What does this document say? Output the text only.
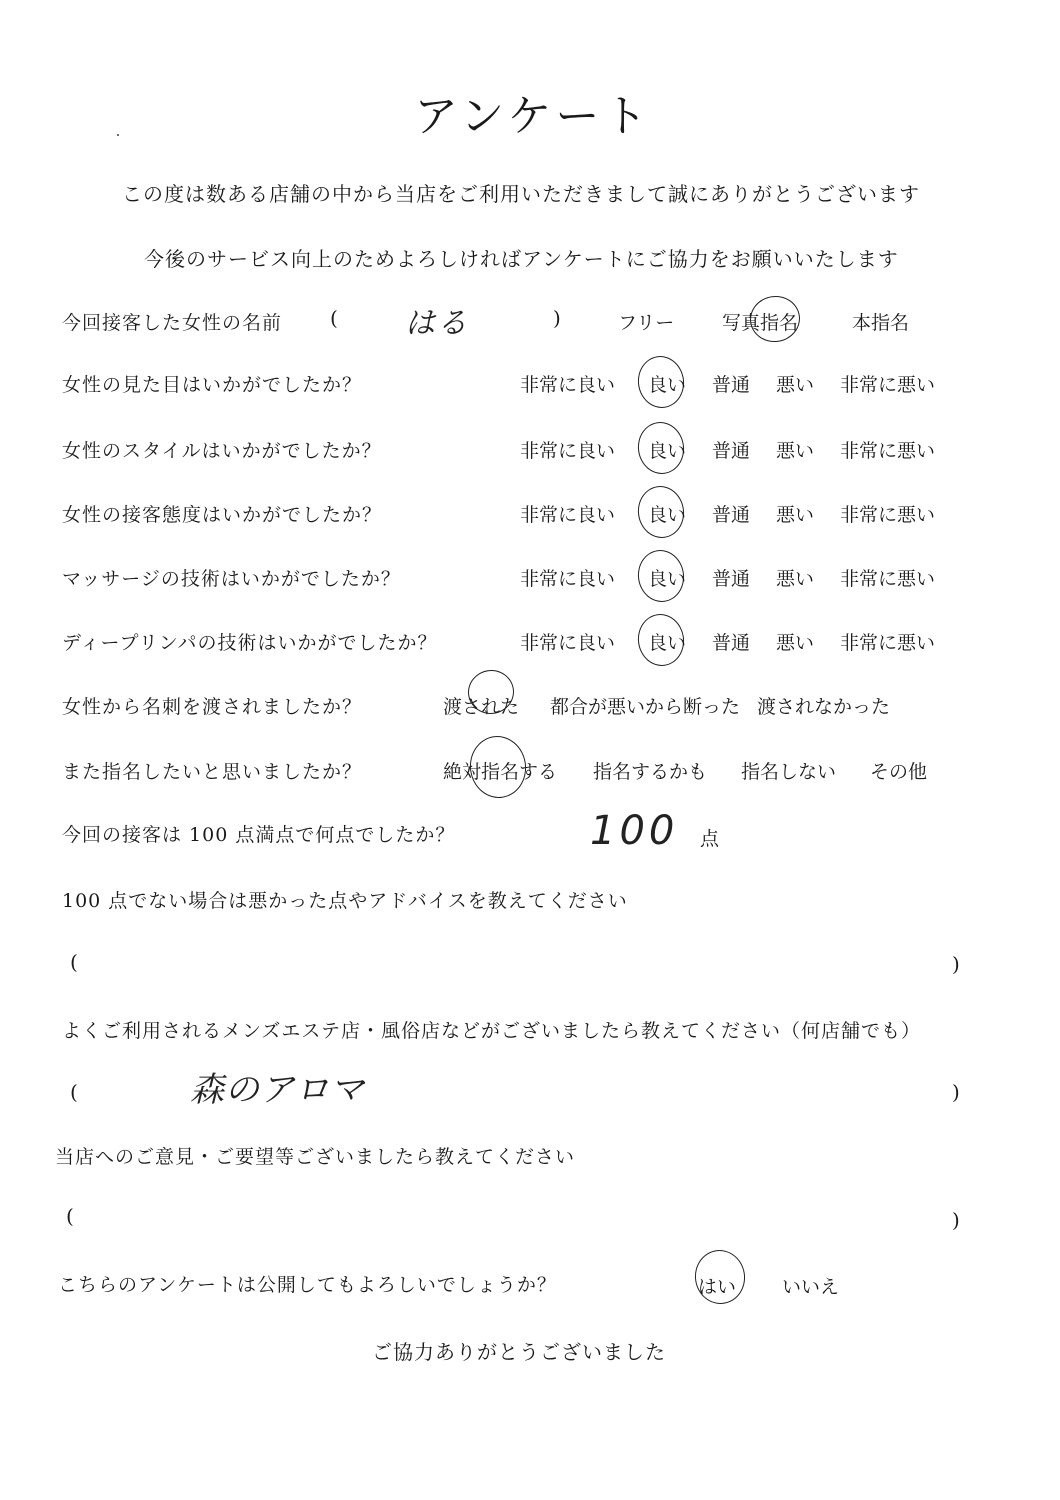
アンケート
この度は数ある店舗の中から当店をご利用いただきまして誠にありがとうございます
今後のサービス向上のためよろしければアンケートにご協力をお願いいたします
今回接客した女性の名前 ( はる	)	フリー	写真指名	本指名
女性の見た目はいかがでしたか？	非常に良い 良い 普通 悪い 非常に悪い
女性のスタイルはいかがでしたか？	非常に良い 良い 普通 悪い 非常に悪い
女性の接客態度はいかがでしたか？	非常に良い 良い 普通 悪い 非常に悪い
マッサージの技術はいかがでしたか？	非常に良い 良い 普通 悪い 非常に悪い
ディープリンパの技術はいかがでしたか？	非常に良い 良い 普通 悪い 非常に悪い
女性から名刺を渡されましたか？	渡された 都合が悪いから断った 渡されなかった
また指名したいと思いましたか？	絶対指名する 指名するかも 指名しない その他
今回の接客は 100 点満点で何点でしたか？	100 点
100 点でない場合は悪かった点やアドバイスを教えてください
(	)
よくご利用されるメンズエステ店・風俗店などがございましたら教えてください（何店舗でも）
(	森のアロマ	)
当店へのご意見・ご要望等ございましたら教えてください
(	)
こちらのアンケートは公開してもよろしいでしょうか？	はい いいえ
ご協力ありがとうございました
